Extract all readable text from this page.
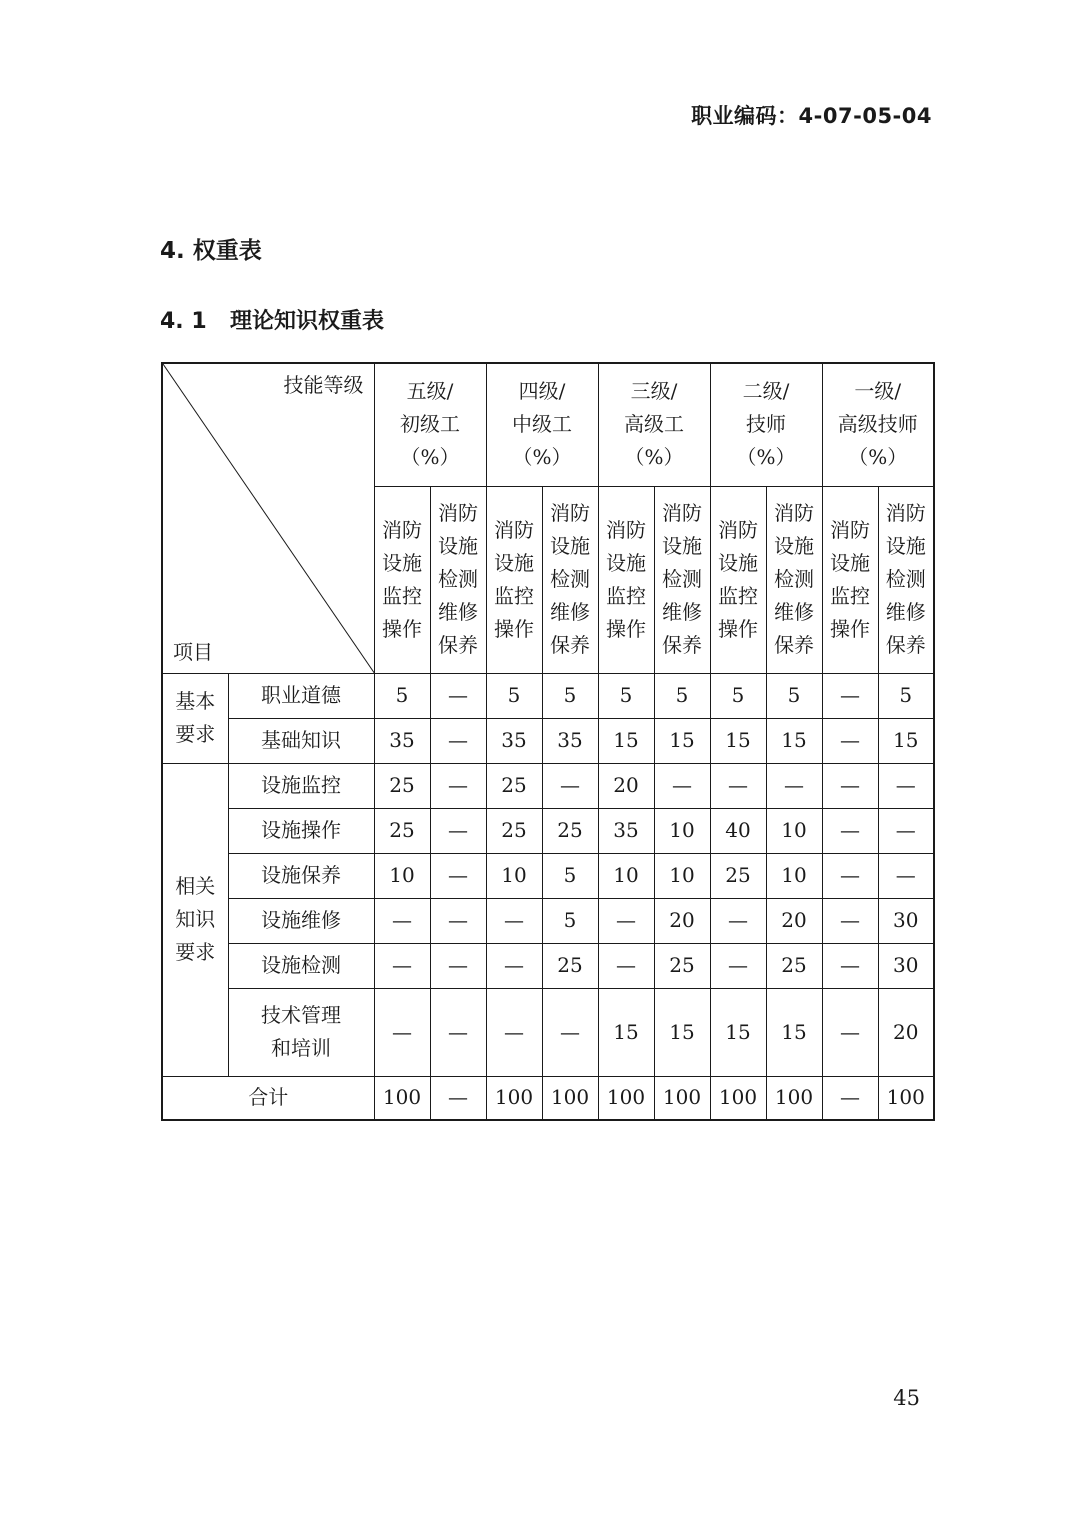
职业编码：4-07-05-04
4. 权重表
4. 1 理论知识权重表
技能等级
项目		五级/
初级工
（%）		四级/
中级工
（%）		三级/
高级工
（%）		二级/
技师
（%）		一级/
高级技师
（%）	

		消防
设施
监控
操作	消防
设施
检测
维修
保养	消防
设施
监控
操作	消防
设施
检测
维修
保养	消防
设施
监控
操作	消防
设施
检测
维修
保养	消防
设施
监控
操作	消防
设施
检测
维修
保养	消防
设施
监控
操作	消防
设施
检测
维修
保养

基本
要求	职业道德	5	—	5	5	5	5	5	5	—	5

	基础知识	35	—	35	35	15	15	15	15	—	15

相关
知识
要求	设施监控	25	—	25	—	20	—	—	—	—	—

	设施操作	25	—	25	25	35	10	40	10	—	—

	设施保养	10	—	10	5	10	10	25	10	—	—

	设施维修	—	—	—	5	—	20	—	20	—	30

	设施检测	—	—	—	25	—	25	—	25	—	30

	技术管理
和培训	—	—	—	—	15	15	15	15	—	20
合计		100	—	100	100	100	100	100	100	—	100
45
